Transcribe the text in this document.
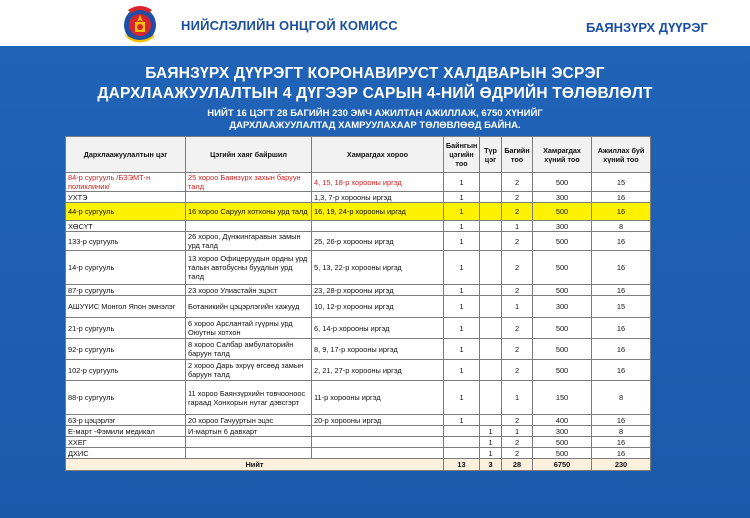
НИЙСЛЭЛИЙН ОНЦГОЙ КОМИСС	БАЯНЗҮРХ ДҮҮРЭГ
БАЯНЗҮРХ ДҮҮРЭГТ КОРОНАВИРУСТ ХАЛДВАРЫН ЭСРЭГ
ДАРХЛААЖУУЛАЛТЫН 4 ДҮГЭЭР САРЫН 4-НИЙ ӨДРИЙН ТӨЛӨВЛӨЛТ
НИЙТ 16 ЦЭГТ 28 БАГИЙН 230 ЭМЧ АЖИЛТАН АЖИЛЛАЖ, 6750 ХҮНИЙГ
ДАРХЛААЖУУЛАЛТАД ХАМРУУЛАХААР ТӨЛӨВЛӨӨД БАЙНА.
Дархлаажуулалтын цэг	Цэгийн хаяг байршил	Хамрагдах хороо	Байнгын цэгийн тоо	Түр цэг	Багийн тоо	Хамрагдах хүний тоо	Ажиллах буй хүний тоо
84-р сургууль /БЗЭМТ-н поликлиник/	25 хороо Баянзүрх захын баруун талд	4, 15, 18-р хорооны иргэд	1		2	500	15
УХТЭ		1,3, 7-р хорооны иргэд	1		2	300	16
44-р сургууль	16 хороо Саруул хотхоны урд талд	16, 19, 24-р хорооны иргэд	1		2	500	16
ХӨСҮТ			1		1	300	8
133-р сургууль	26 хороо, Дүнжингаравын замын урд талд	25, 26-р хорооны иргэд	1		2	500	16
14-р сургууль	13 хороо Офицеруудын ордны урд талын автобусны буудлын урд талд	5, 13, 22-р хорооны иргэд	1		2	500	16
87-р сургууль	23 хороо Улиастайн эцэст	23, 28-р хорооны иргэд	1		2	500	16
АШУҮИС Монгол Япон эмнэлэг	Ботаникийн цэцэрлэгийн хажууд	10, 12-р хорооны иргэд	1		1	300	15
21-р сургууль	6 хороо Арслантай гүүрны урд Оюутны хотхон	6, 14-р хорооны иргэд	1		2	500	16
92-р сургууль	8 хороо Салбар амбулаторийн баруун талд	8, 9, 17-р хорооны иргэд	1		2	500	16
102-р сургууль	2 хороо Дарь эхрүү өгсөөд замын баруун талд	2, 21, 27-р хорооны иргэд	1		2	500	16
88-р сургууль	11 хороо Баянзүрхийн товчооноос гараад Хонхорын нутаг дэвсгэрт	11-р хорооны иргэд	1		1	150	8
63-р цэцэрлэг	20 хороо Гачууртын эцэс	20-р хорооны иргэд	1		2	400	16
Е-март -Фэмили медикал	И-мартын 6 давхарт			1	1	300	8
ХХЕГ				1	2	500	16
ДХИС				1	2	500	16
Нийт			13	3	28	6750	230
